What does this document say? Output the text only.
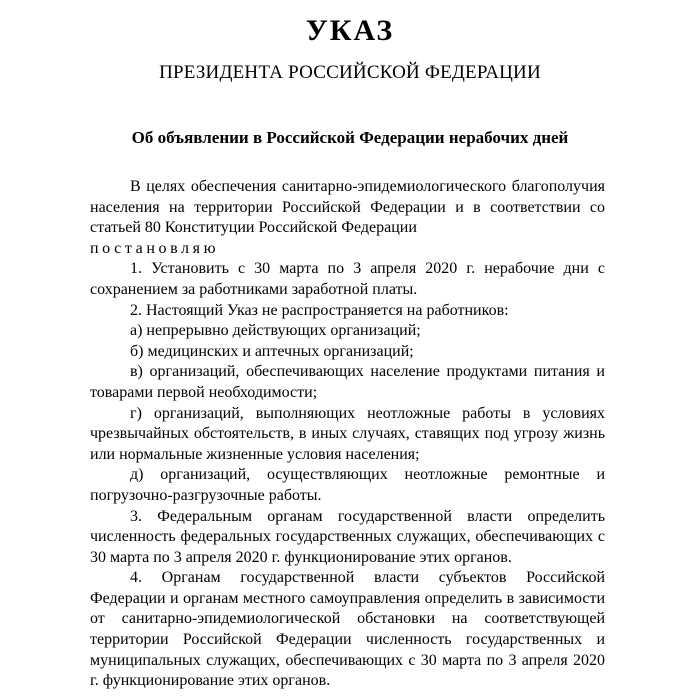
УКАЗ
ПРЕЗИДЕНТА РОССИЙСКОЙ ФЕДЕРАЦИИ
Об объявлении в Российской Федерации нерабочих дней

В целях обеспечения санитарно-эпидемиологического благополучия населения на территории Российской Федерации и в соответствии со статьей 80 Конституции Российской Федерации

постановляю

1. Установить с 30 марта по 3 апреля 2020 г. нерабочие дни с сохранением за работниками заработной платы.

2. Настоящий Указ не распространяется на работников:

а) непрерывно действующих организаций;

б) медицинских и аптечных организаций;

в) организаций, обеспечивающих население продуктами питания и товарами первой необходимости;

г) организаций, выполняющих неотложные работы в условиях чрезвычайных обстоятельств, в иных случаях, ставящих под угрозу жизнь или нормальные жизненные условия населения;

д) организаций, осуществляющих неотложные ремонтные и погрузочно-разгрузочные работы.

3. Федеральным органам государственной власти определить численность федеральных государственных служащих, обеспечивающих с 30 марта по 3 апреля 2020 г. функционирование этих органов.

4. Органам государственной власти субъектов Российской Федерации и органам местного самоуправления определить в зависимости от санитарно-эпидемиологической обстановки на соответствующей территории Российской Федерации численность государственных и муниципальных служащих, обеспечивающих с 30 марта по 3 апреля 2020 г. функционирование этих органов.
